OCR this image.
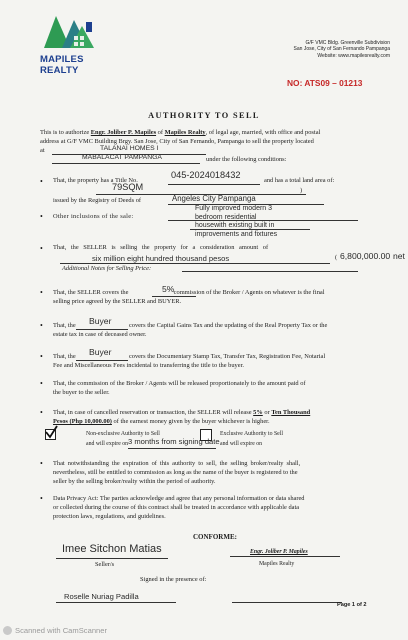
MAPILES REALTY
G/F VMC Bldg. Greenville Subdivision
San Jose, City of San Fernando Pampanga
Website: www.mapilesrealty.com
NO: ATS09 – 01213
AUTHORITY TO SELL
This is to authorize Engr. Joliber P. Mapiles of Mapiles Realty, of legal age, married, with office and postal
address at G/F VMC Building Brgy. San Jose, City of San Fernando, Pampanga to sell the property located
at	TALANAI HOMES I
MABALACAT PAMPANGA	under the following conditions:
• That, the property has a Title No.
045-2024018432
and has a total land area of:
79SQM	)
issued by the Registry of Deeds of	Angeles City Pampanga
• Other inclusions of the sale:
Fully improved modern 3
bedroom residential
housewith existing built in
improvements and fixtures
• That, the SELLER is selling the property for a consideration amount of
six million eight hundred thousand pesos	( 6,800,000.00 net
Additional Notes for Selling Price:
• That, the SELLER covers the	commission of the Broker / Agents on whatever is the final
5%
selling price agreed by the SELLER and BUYER.
• That, the	covers the Capital Gains Tax and the updating of the Real Property Tax or the
Buyer
estate tax in case of deceased owner.
• That, the	covers the Documentary Stamp Tax, Transfer Tax, Registration Fee, Notarial
Buyer
Fee and Miscellaneous Fees incidental to transferring the title to the buyer.
• That, the commission of the Broker / Agents will be released proportionately to the amount paid of
the buyer to the seller.
• That, in case of cancelled reservation or transaction, the SELLER will release 5% or Ten Thousand
Pesos (Php 10,000.00) of the earnest money given by the buyer whichever is higher.
Non-exclusive Authority to Sell	Exclusive Authority to Sell
and will expire on 3 months from signing date and will expire on
• That notwithstanding the expiration of this authority to sell, the selling broker/realty shall,
nevertheless, still be entitled to commission as long as the name of the buyer is registered to the
seller by the selling broker/realty within the period of authority.
• Data Privacy Act: The parties acknowledge and agree that any personal information or data shared
or collected during the course of this contract shall be treated in accordance with applicable data
protection laws, regulations, and guidelines.
CONFORME:
Imee Sitchon Matias
Seller/s
Engr. Joliber P. Mapiles
Mapiles Realty
Signed in the presence of:
Roselle Nuriag Padilla
Page 1 of 2
Scanned with CamScanner
